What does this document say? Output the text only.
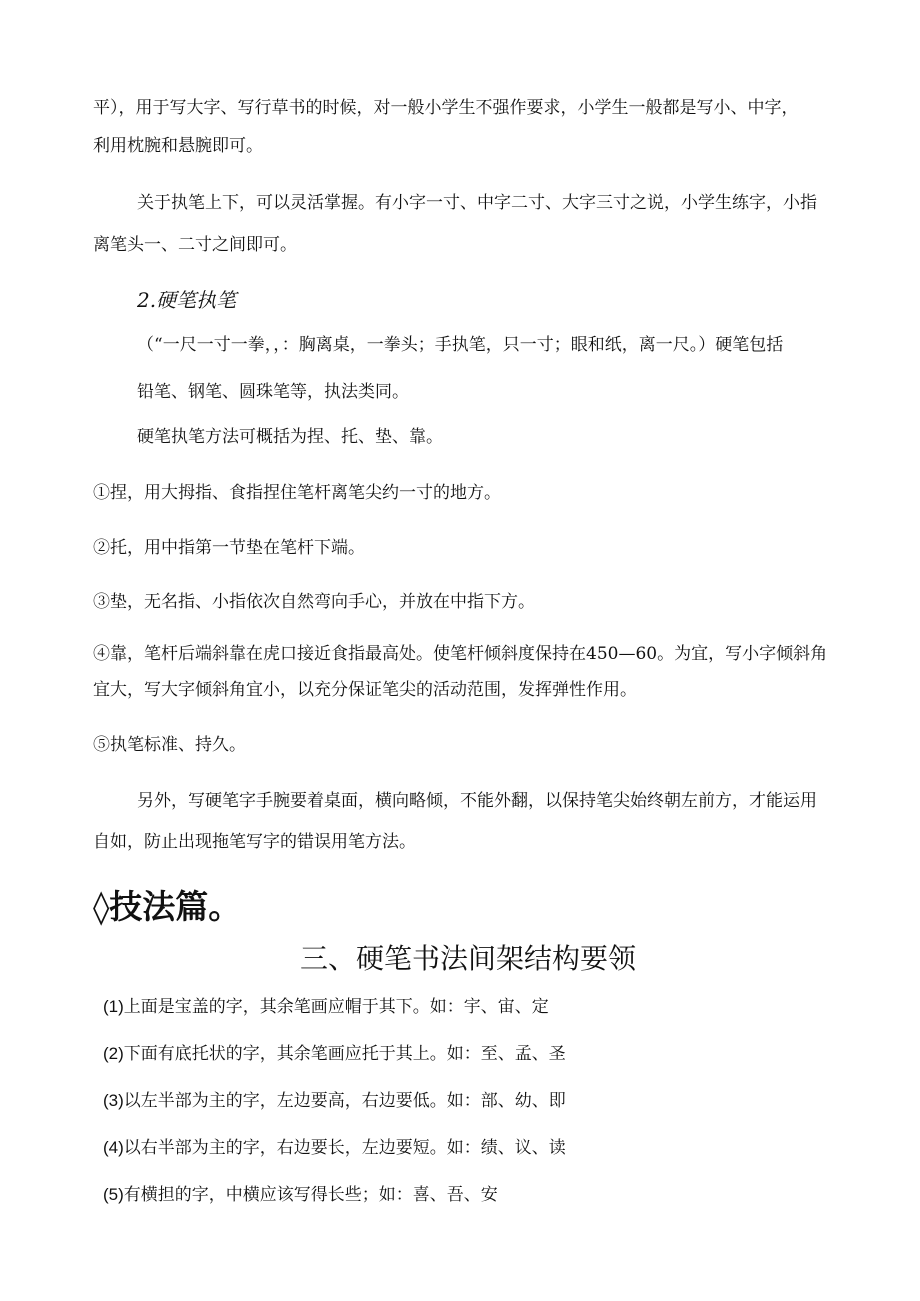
平），用于写大字、写行草书的时候，对一般小学生不强作要求，小学生一般都是写小、中字，
利用枕腕和悬腕即可。
关于执笔上下，可以灵活掌握。有小字一寸、中字二寸、大字三寸之说，小学生练字，小指
离笔头一、二寸之间即可。
2.硬笔执笔
（“一尺一寸一拳，，：胸离桌，一拳头；手执笔，只一寸；眼和纸，离一尺。）硬笔包括
铅笔、钢笔、圆珠笔等，执法类同。
硬笔执笔方法可概括为捏、托、垫、靠。
①捏，用大拇指、食指捏住笔杆离笔尖约一寸的地方。
②托，用中指第一节垫在笔杆下端。
③垫，无名指、小指依次自然弯向手心，并放在中指下方。
④靠，笔杆后端斜靠在虎口接近食指最高处。使笔杆倾斜度保持在450—60。为宜，写小字倾斜角
宜大，写大字倾斜角宜小，以充分保证笔尖的活动范围，发挥弹性作用。
⑤执笔标准、持久。
另外，写硬笔字手腕要着桌面，横向略倾，不能外翻，以保持笔尖始终朝左前方，才能运用
自如，防止出现拖笔写字的错误用笔方法。
◊技法篇。
三、硬笔书法间架结构要领
(1)上面是宝盖的字，其余笔画应帽于其下。如：宇、宙、定
(2)下面有底托状的字，其余笔画应托于其上。如：至、孟、圣
(3)以左半部为主的字，左边要高，右边要低。如：部、幼、即
(4)以右半部为主的字，右边要长，左边要短。如：绩、议、读
(5)有横担的字，中横应该写得长些；如：喜、吾、安
